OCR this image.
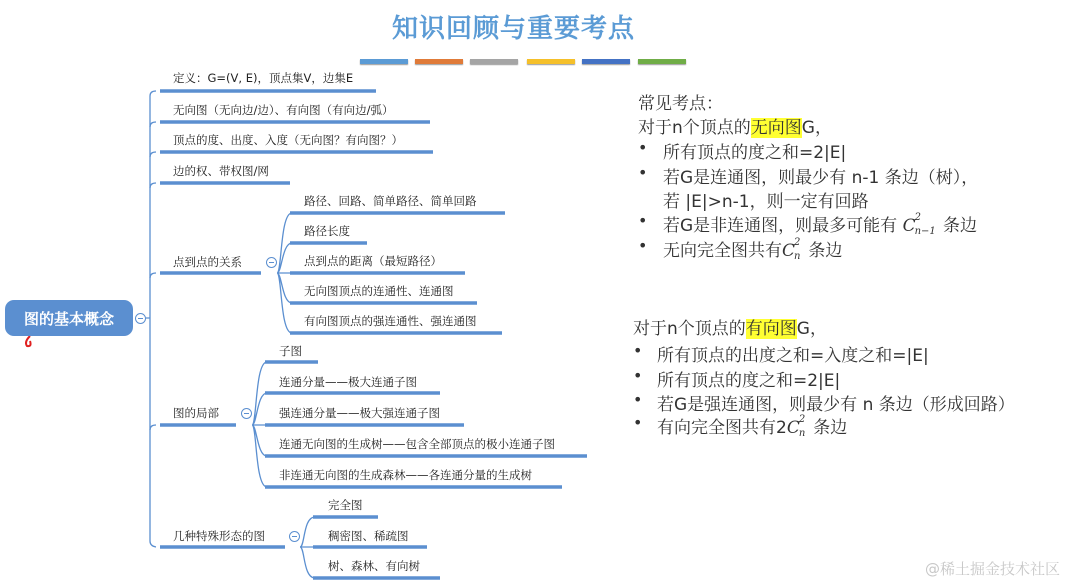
知识回顾与重要考点
图的基本概念
定义：G=(V, E)，顶点集V，边集E
无向图（无向边/边）、有向图（有向边/弧）
顶点的度、出度、入度（无向图？有向图？）
边的权、带权图/网
点到点的关系
图的局部
几种特殊形态的图
路径、回路、简单路径、简单回路
路径长度
点到点的距离（最短路径）
无向图顶点的连通性、连通图
有向图顶点的强连通性、强连通图
子图
连通分量——极大连通子图
强连通分量——极大强连通子图
连通无向图的生成树——包含全部顶点的极小连通子图
非连通无向图的生成森林——各连通分量的生成树
完全图
稠密图、稀疏图
树、森林、有向树
常见考点：
对于n个顶点的无向图G，
• 所有顶点的度之和=2|E|
• 若G是连通图，则最少有 n-1 条边（树），
若 |E|>n-1，则一定有回路
• 若G是非连通图，则最多可能有 C
2
n−1 条边
• 无向完全图共有C
2
n 条边
对于n个顶点的有向图G，
• 所有顶点的出度之和=入度之和=|E|
• 所有顶点的度之和=2|E|
• 若G是强连通图，则最少有 n 条边（形成回路）
• 有向完全图共有2C
2
n 条边
@稀土掘金技术社区
